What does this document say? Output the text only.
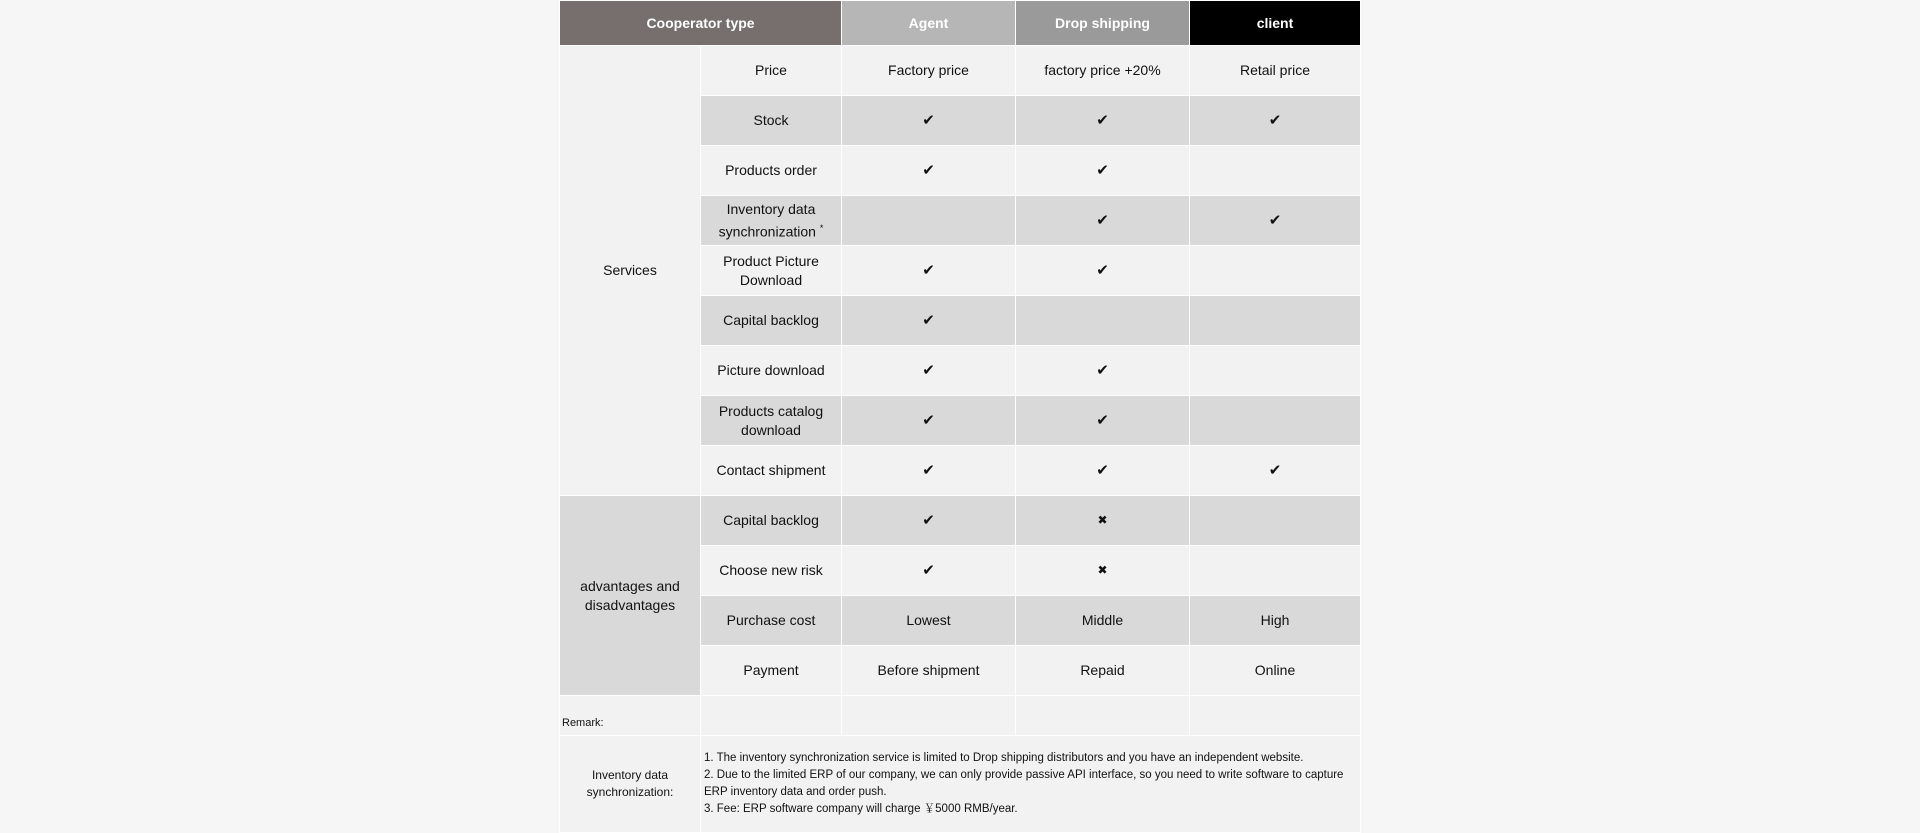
Cooperator type		Agent	Drop shipping	client
Services	Price	Factory price	factory price +20%	Retail price
	Stock	✔	✔	✔
	Products order	✔	✔	
	Inventory data synchronization *		✔	✔
	Product Picture Download	✔	✔	
	Capital backlog	✔		
	Picture download	✔	✔	
	Products catalog download	✔	✔	
	Contact shipment	✔	✔	✔
advantages and disadvantages	Capital backlog	✔	✖	
	Choose new risk	✔	✖	
	Purchase cost	Lowest	Middle	High
	Payment	Before shipment	Repaid	Online
Remark:				
Inventory data synchronization:	1. The inventory synchronization service is limited to Drop shipping distributors and you have an independent website.
2. Due to the limited ERP of our company, we can only provide passive API interface, so you need to write software to capture
ERP inventory data and order push.
3. Fee: ERP software company will charge ￥5000 RMB/year.			
